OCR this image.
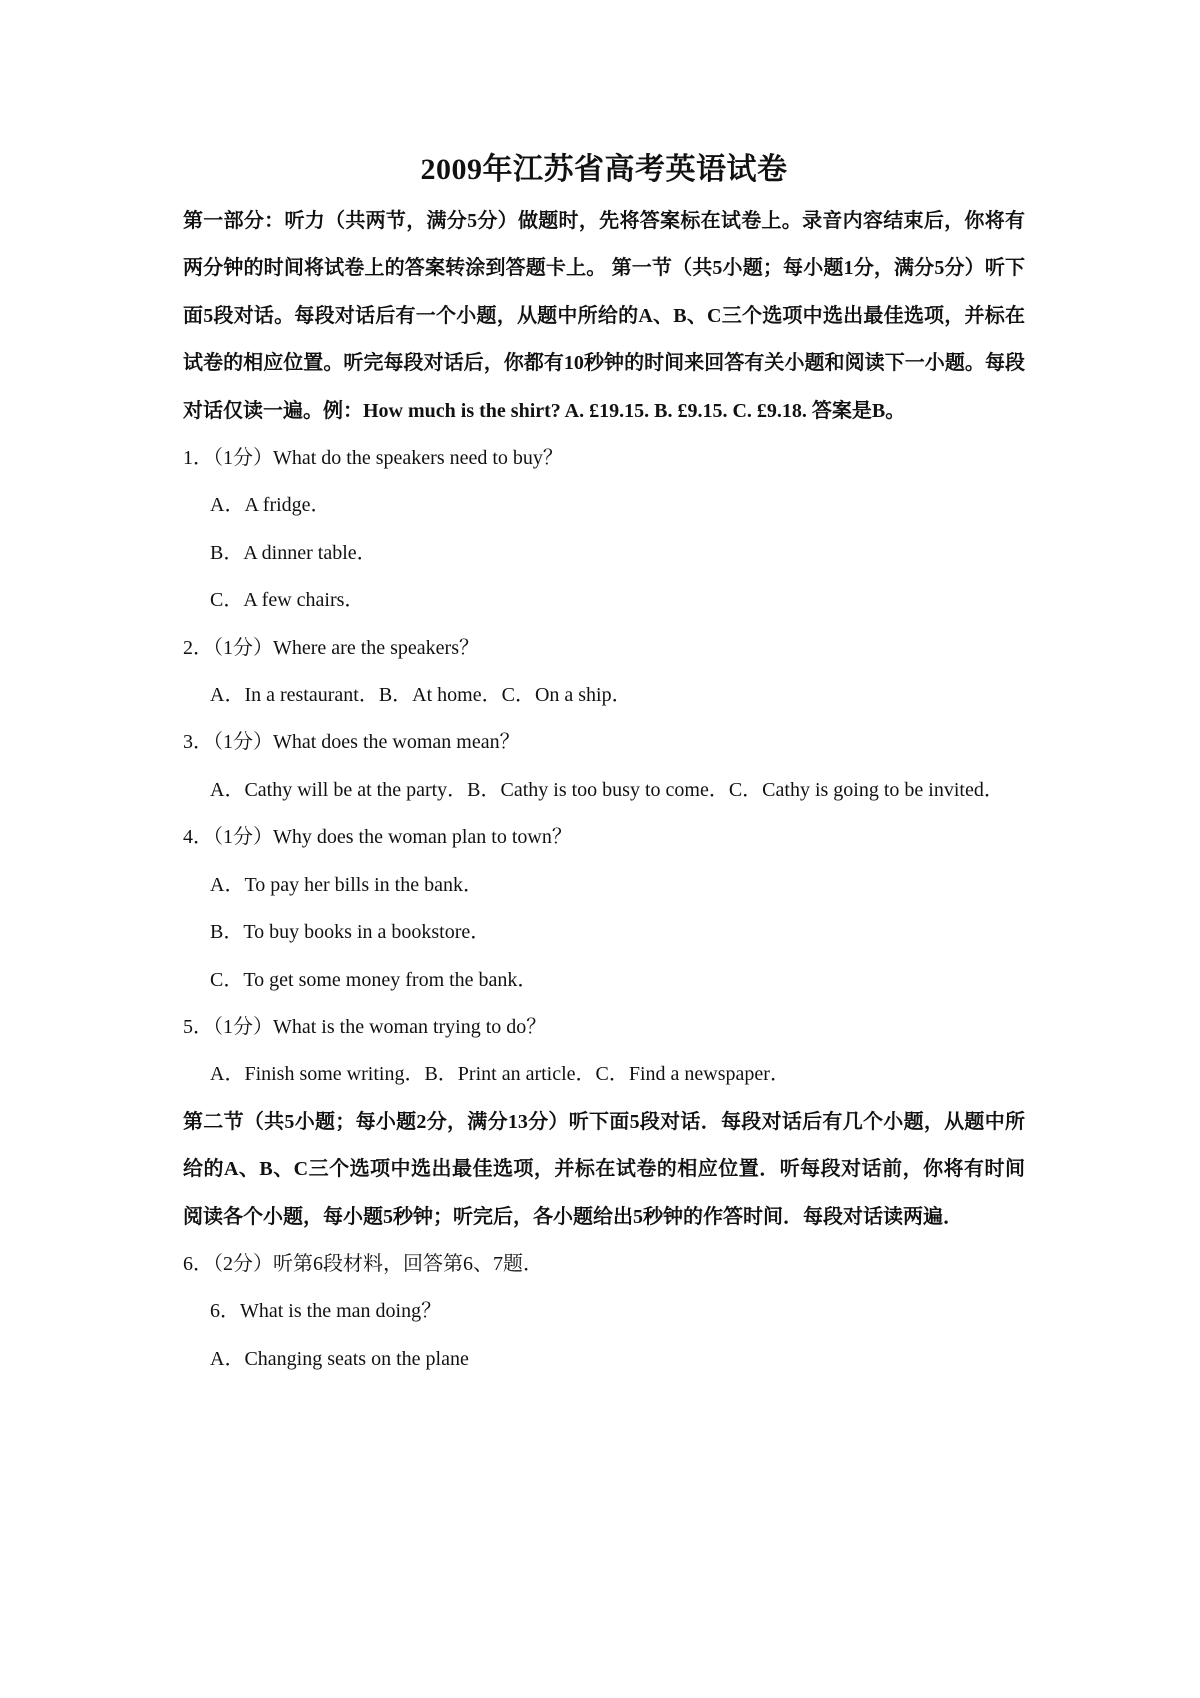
2009年江苏省高考英语试卷

第一部分：听力（共两节，满分5分）做题时，先将答案标在试卷上。录音内容结束后，你将有两分钟的时间将试卷上的答案转涂到答题卡上。 第一节（共5小题；每小题1分，满分5分）听下面5段对话。每段对话后有一个小题，从题中所给的A、B、C三个选项中选出最佳选项，并标在试卷的相应位置。听完每段对话后，你都有10秒钟的时间来回答有关小题和阅读下一小题。每段对话仅读一遍。例：How much is the shirt? A. £19.15. B. £9.15. C. £9.18. 答案是B。

1．（1分）What do the speakers need to buy？

A．A fridge．

B．A dinner table．

C．A few chairs．

2．（1分）Where are the speakers？

A．In a restaurant．B．At home．C．On a ship．

3．（1分）What does the woman mean？

A．Cathy will be at the party．B．Cathy is too busy to come．C．Cathy is going to be invited．

4．（1分）Why does the woman plan to town？

A．To pay her bills in the bank．

B．To buy books in a bookstore．

C．To get some money from the bank．

5．（1分）What is the woman trying to do？

A．Finish some writing．B．Print an article．C．Find a newspaper．

第二节（共5小题；每小题2分，满分13分）听下面5段对话．每段对话后有几个小题，从题中所给的A、B、C三个选项中选出最佳选项，并标在试卷的相应位置．听每段对话前，你将有时间阅读各个小题，每小题5秒钟；听完后，各小题给出5秒钟的作答时间．每段对话读两遍．

6．（2分）听第6段材料，回答第6、7题．

6．What is the man doing？

A．Changing seats on the plane
